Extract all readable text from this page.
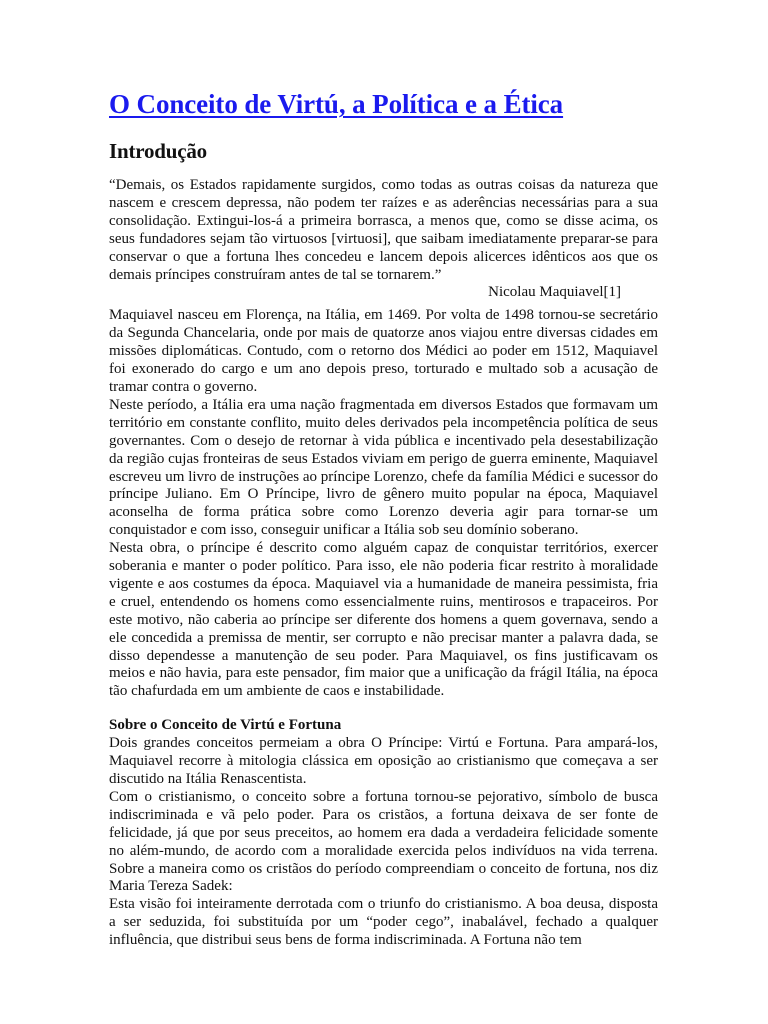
O Conceito de Virtú, a Política e a Ética
Introdução

“Demais, os Estados rapidamente surgidos, como todas as outras coisas da natureza que nascem e crescem depressa, não podem ter raízes e as aderências necessárias para a sua consolidação. Extingui-los-á a primeira borrasca, a menos que, como se disse acima, os seus fundadores sejam tão virtuosos [virtuosi], que saibam imediatamente preparar-se para conservar o que a fortuna lhes concedeu e lancem depois alicerces idênticos aos que os demais príncipes construíram antes de tal se tornarem.”

Nicolau Maquiavel[1]

Maquiavel nasceu em Florença, na Itália, em 1469. Por volta de 1498 tornou-se secretário da Segunda Chancelaria, onde por mais de quatorze anos viajou entre diversas cidades em missões diplomáticas. Contudo, com o retorno dos Médici ao poder em 1512, Maquiavel foi exonerado do cargo e um ano depois preso, torturado e multado sob a acusação de tramar contra o governo.

Neste período, a Itália era uma nação fragmentada em diversos Estados que formavam um território em constante conflito, muito deles derivados pela incompetência política de seus governantes. Com o desejo de retornar à vida pública e incentivado pela desestabilização da região cujas fronteiras de seus Estados viviam em perigo de guerra eminente, Maquiavel escreveu um livro de instruções ao príncipe Lorenzo, chefe da família Médici e sucessor do príncipe Juliano. Em O Príncipe, livro de gênero muito popular na época, Maquiavel aconselha de forma prática sobre como Lorenzo deveria agir para tornar-se um conquistador e com isso, conseguir unificar a Itália sob seu domínio soberano.

Nesta obra, o príncipe é descrito como alguém capaz de conquistar territórios, exercer soberania e manter o poder político. Para isso, ele não poderia ficar restrito à moralidade vigente e aos costumes da época. Maquiavel via a humanidade de maneira pessimista, fria e cruel, entendendo os homens como essencialmente ruins, mentirosos e trapaceiros. Por este motivo, não caberia ao príncipe ser diferente dos homens a quem governava, sendo a ele concedida a premissa de mentir, ser corrupto e não precisar manter a palavra dada, se disso dependesse a manutenção de seu poder. Para Maquiavel, os fins justificavam os meios e não havia, para este pensador, fim maior que a unificação da frágil Itália, na época tão chafurdada em um ambiente de caos e instabilidade.

Sobre o Conceito de Virtú e Fortuna

Dois grandes conceitos permeiam a obra O Príncipe: Virtú e Fortuna. Para ampará-los, Maquiavel recorre à mitologia clássica em oposição ao cristianismo que começava a ser discutido na Itália Renascentista.

Com o cristianismo, o conceito sobre a fortuna tornou-se pejorativo, símbolo de busca indiscriminada e vã pelo poder. Para os cristãos, a fortuna deixava de ser fonte de felicidade, já que por seus preceitos, ao homem era dada a verdadeira felicidade somente no além-mundo, de acordo com a moralidade exercida pelos indivíduos na vida terrena. Sobre a maneira como os cristãos do período compreendiam o conceito de fortuna, nos diz Maria Tereza Sadek:

Esta visão foi inteiramente derrotada com o triunfo do cristianismo. A boa deusa, disposta a ser seduzida, foi substituída por um “poder cego”, inabalável, fechado a qualquer influência, que distribui seus bens de forma indiscriminada. A Fortuna não tem
